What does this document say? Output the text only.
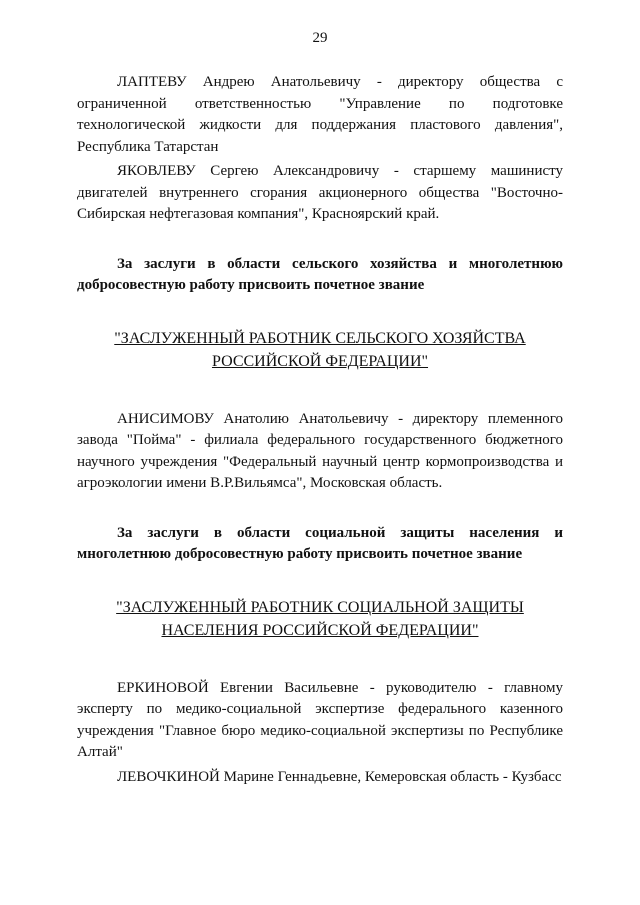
29

ЛАПТЕВУ Андрею Анатольевичу - директору общества с ограниченной ответственностью "Управление по подготовке технологической жидкости для поддержания пластового давления", Республика Татарстан

ЯКОВЛЕВУ Сергею Александровичу - старшему машинисту двигателей внутреннего сгорания акционерного общества "Восточно-Сибирская нефтегазовая компания", Красноярский край.

За заслуги в области сельского хозяйства и многолетнюю добросовестную работу присвоить почетное звание

"ЗАСЛУЖЕННЫЙ РАБОТНИК СЕЛЬСКОГО ХОЗЯЙСТВА
РОССИЙСКОЙ ФЕДЕРАЦИИ"

АНИСИМОВУ Анатолию Анатольевичу - директору племенного завода "Пойма" - филиала федерального государственного бюджетного научного учреждения "Федеральный научный центр кормопроизводства и агроэкологии имени В.Р.Вильямса", Московская область.

За заслуги в области социальной защиты населения и многолетнюю добросовестную работу присвоить почетное звание

"ЗАСЛУЖЕННЫЙ РАБОТНИК СОЦИАЛЬНОЙ ЗАЩИТЫ
НАСЕЛЕНИЯ РОССИЙСКОЙ ФЕДЕРАЦИИ"

ЕРКИНОВОЙ Евгении Васильевне - руководителю - главному эксперту по медико-социальной экспертизе федерального казенного учреждения "Главное бюро медико-социальной экспертизы по Республике Алтай"

ЛЕВОЧКИНОЙ Марине Геннадьевне, Кемеровская область - Кузбасс
